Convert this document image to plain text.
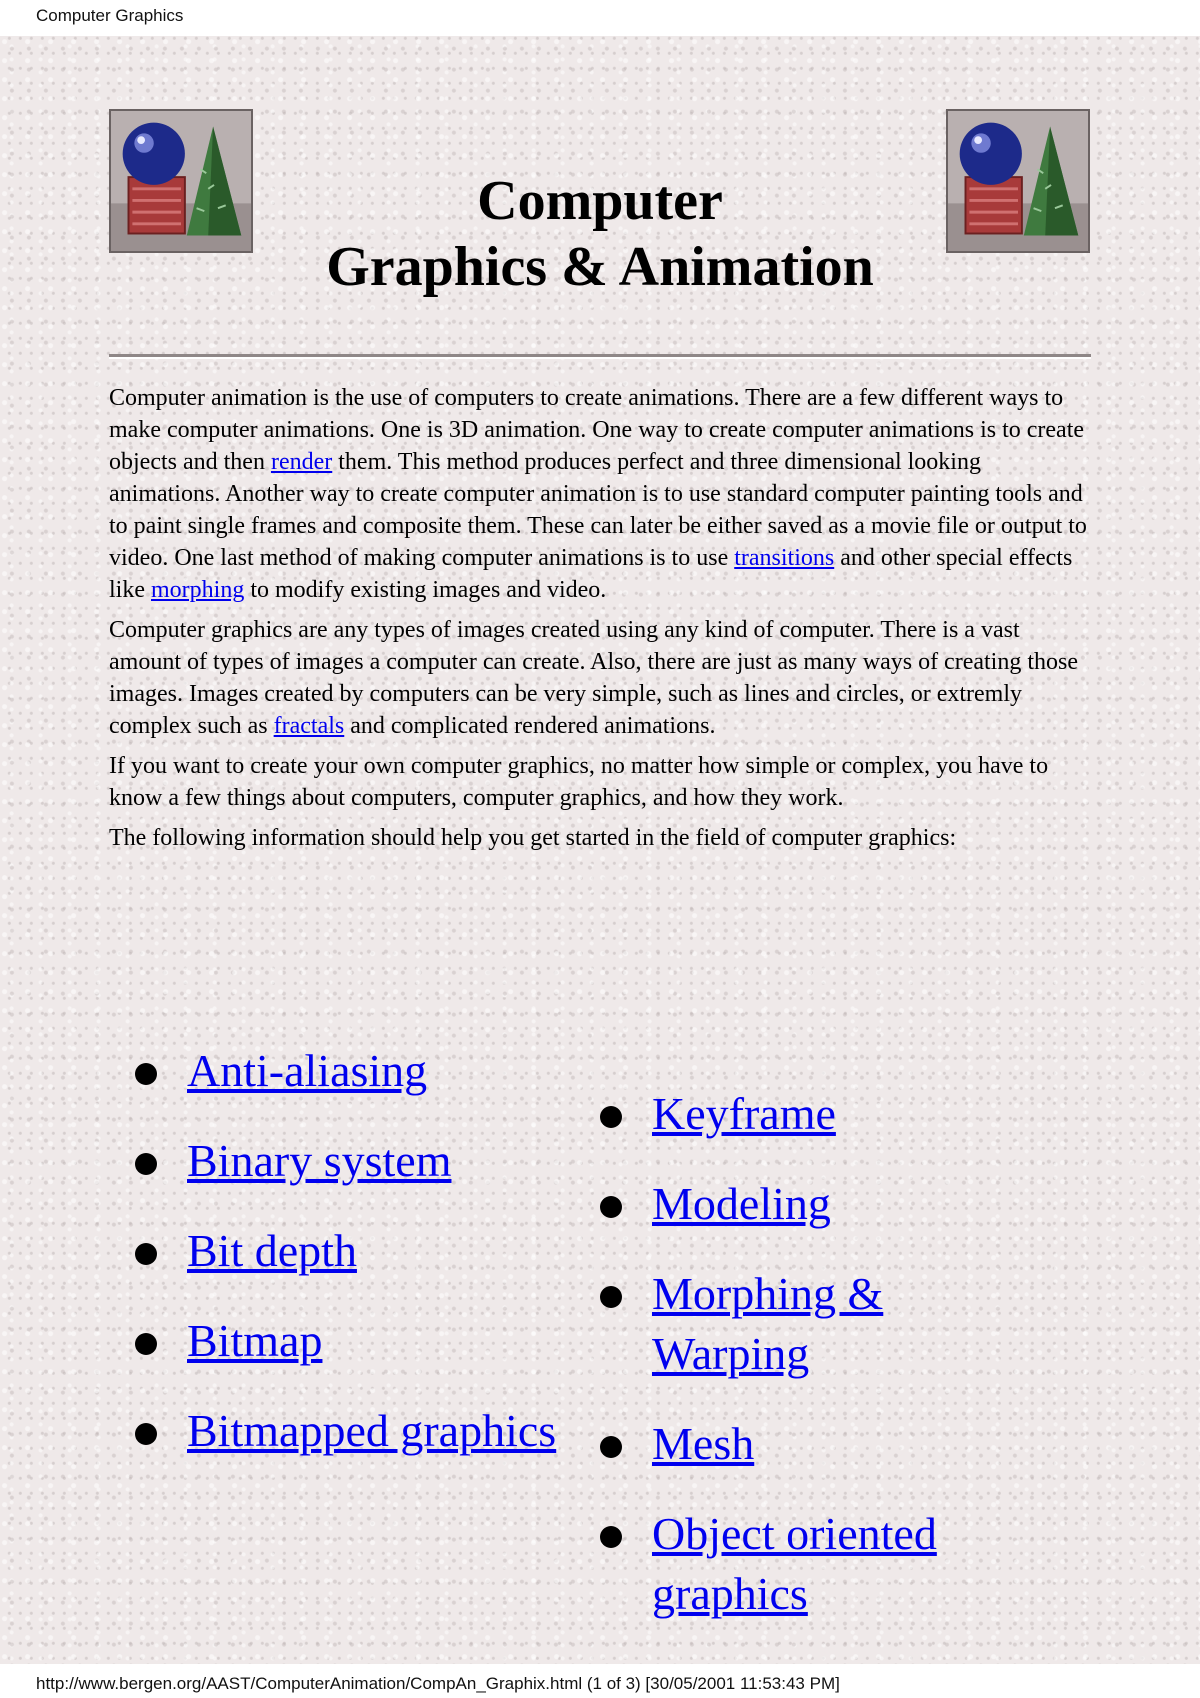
Computer Graphics
Computer
Graphics & Animation

Computer animation is the use of computers to create animations. There are a few different ways to make computer animations. One is 3D animation. One way to create computer animations is to create objects and then render them. This method produces perfect and three dimensional looking animations. Another way to create computer animation is to use standard computer painting tools and to paint single frames and composite them. These can later be either saved as a movie file or output to video. One last method of making computer animations is to use transitions and other special effects like morphing to modify existing images and video.

Computer graphics are any types of images created using any kind of computer. There is a vast amount of types of images a computer can create. Also, there are just as many ways of creating those images. Images created by computers can be very simple, such as lines and circles, or extremly complex such as fractals and complicated rendered animations.

If you want to create your own computer graphics, no matter how simple or complex, you have to know a few things about computers, computer graphics, and how they work.

The following information should help you get started in the field of computer graphics:

Anti-aliasing
Binary system
Bit depth
Bitmap
Bitmapped graphics
Keyframe
Modeling
Morphing & Warping
Mesh
Object oriented graphics
http://www.bergen.org/AAST/ComputerAnimation/CompAn_Graphix.html (1 of 3) [30/05/2001 11:53:43 PM]
